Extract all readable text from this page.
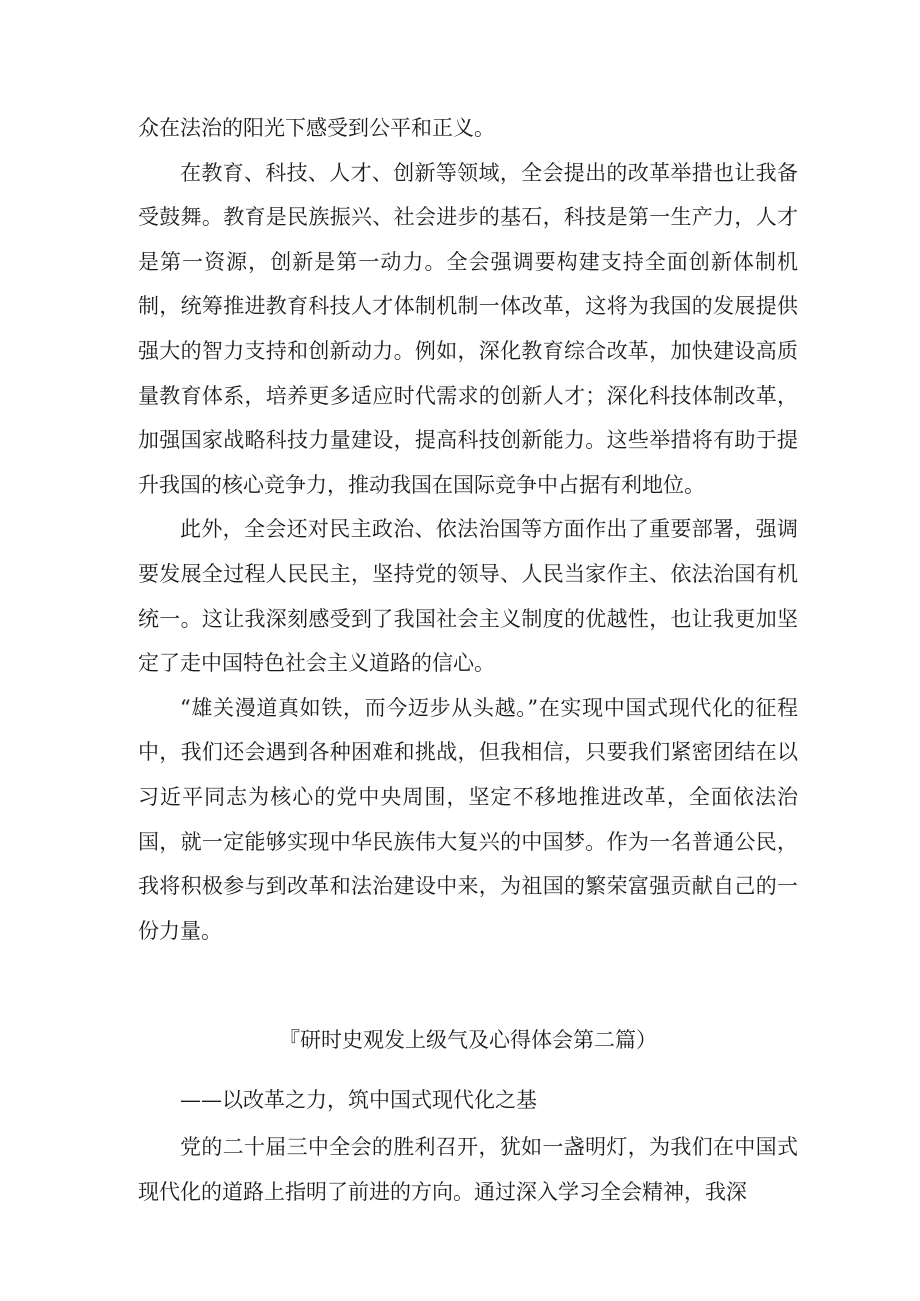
众在法治的阳光下感受到公平和正义。

在教育、科技、人才、创新等领域，全会提出的改革举措也让我备受鼓舞。教育是民族振兴、社会进步的基石，科技是第一生产力，人才是第一资源，创新是第一动力。全会强调要构建支持全面创新体制机制，统筹推进教育科技人才体制机制一体改革，这将为我国的发展提供强大的智力支持和创新动力。例如，深化教育综合改革，加快建设高质量教育体系，培养更多适应时代需求的创新人才；深化科技体制改革，加强国家战略科技力量建设，提高科技创新能力。这些举措将有助于提升我国的核心竞争力，推动我国在国际竞争中占据有利地位。

此外，全会还对民主政治、依法治国等方面作出了重要部署，强调要发展全过程人民民主，坚持党的领导、人民当家作主、依法治国有机统一。这让我深刻感受到了我国社会主义制度的优越性，也让我更加坚定了走中国特色社会主义道路的信心。

“雄关漫道真如铁，而今迈步从头越。”在实现中国式现代化的征程中，我们还会遇到各种困难和挑战，但我相信，只要我们紧密团结在以习近平同志为核心的党中央周围，坚定不移地推进改革，全面依法治国，就一定能够实现中华民族伟大复兴的中国梦。作为一名普通公民，我将积极参与到改革和法治建设中来，为祖国的繁荣富强贡献自己的一份力量。

『研时史观发上级气及心得体会第二篇）

——以改革之力，筑中国式现代化之基

党的二十届三中全会的胜利召开，犹如一盏明灯，为我们在中国式现代化的道路上指明了前进的方向。通过深入学习全会精神，我深
